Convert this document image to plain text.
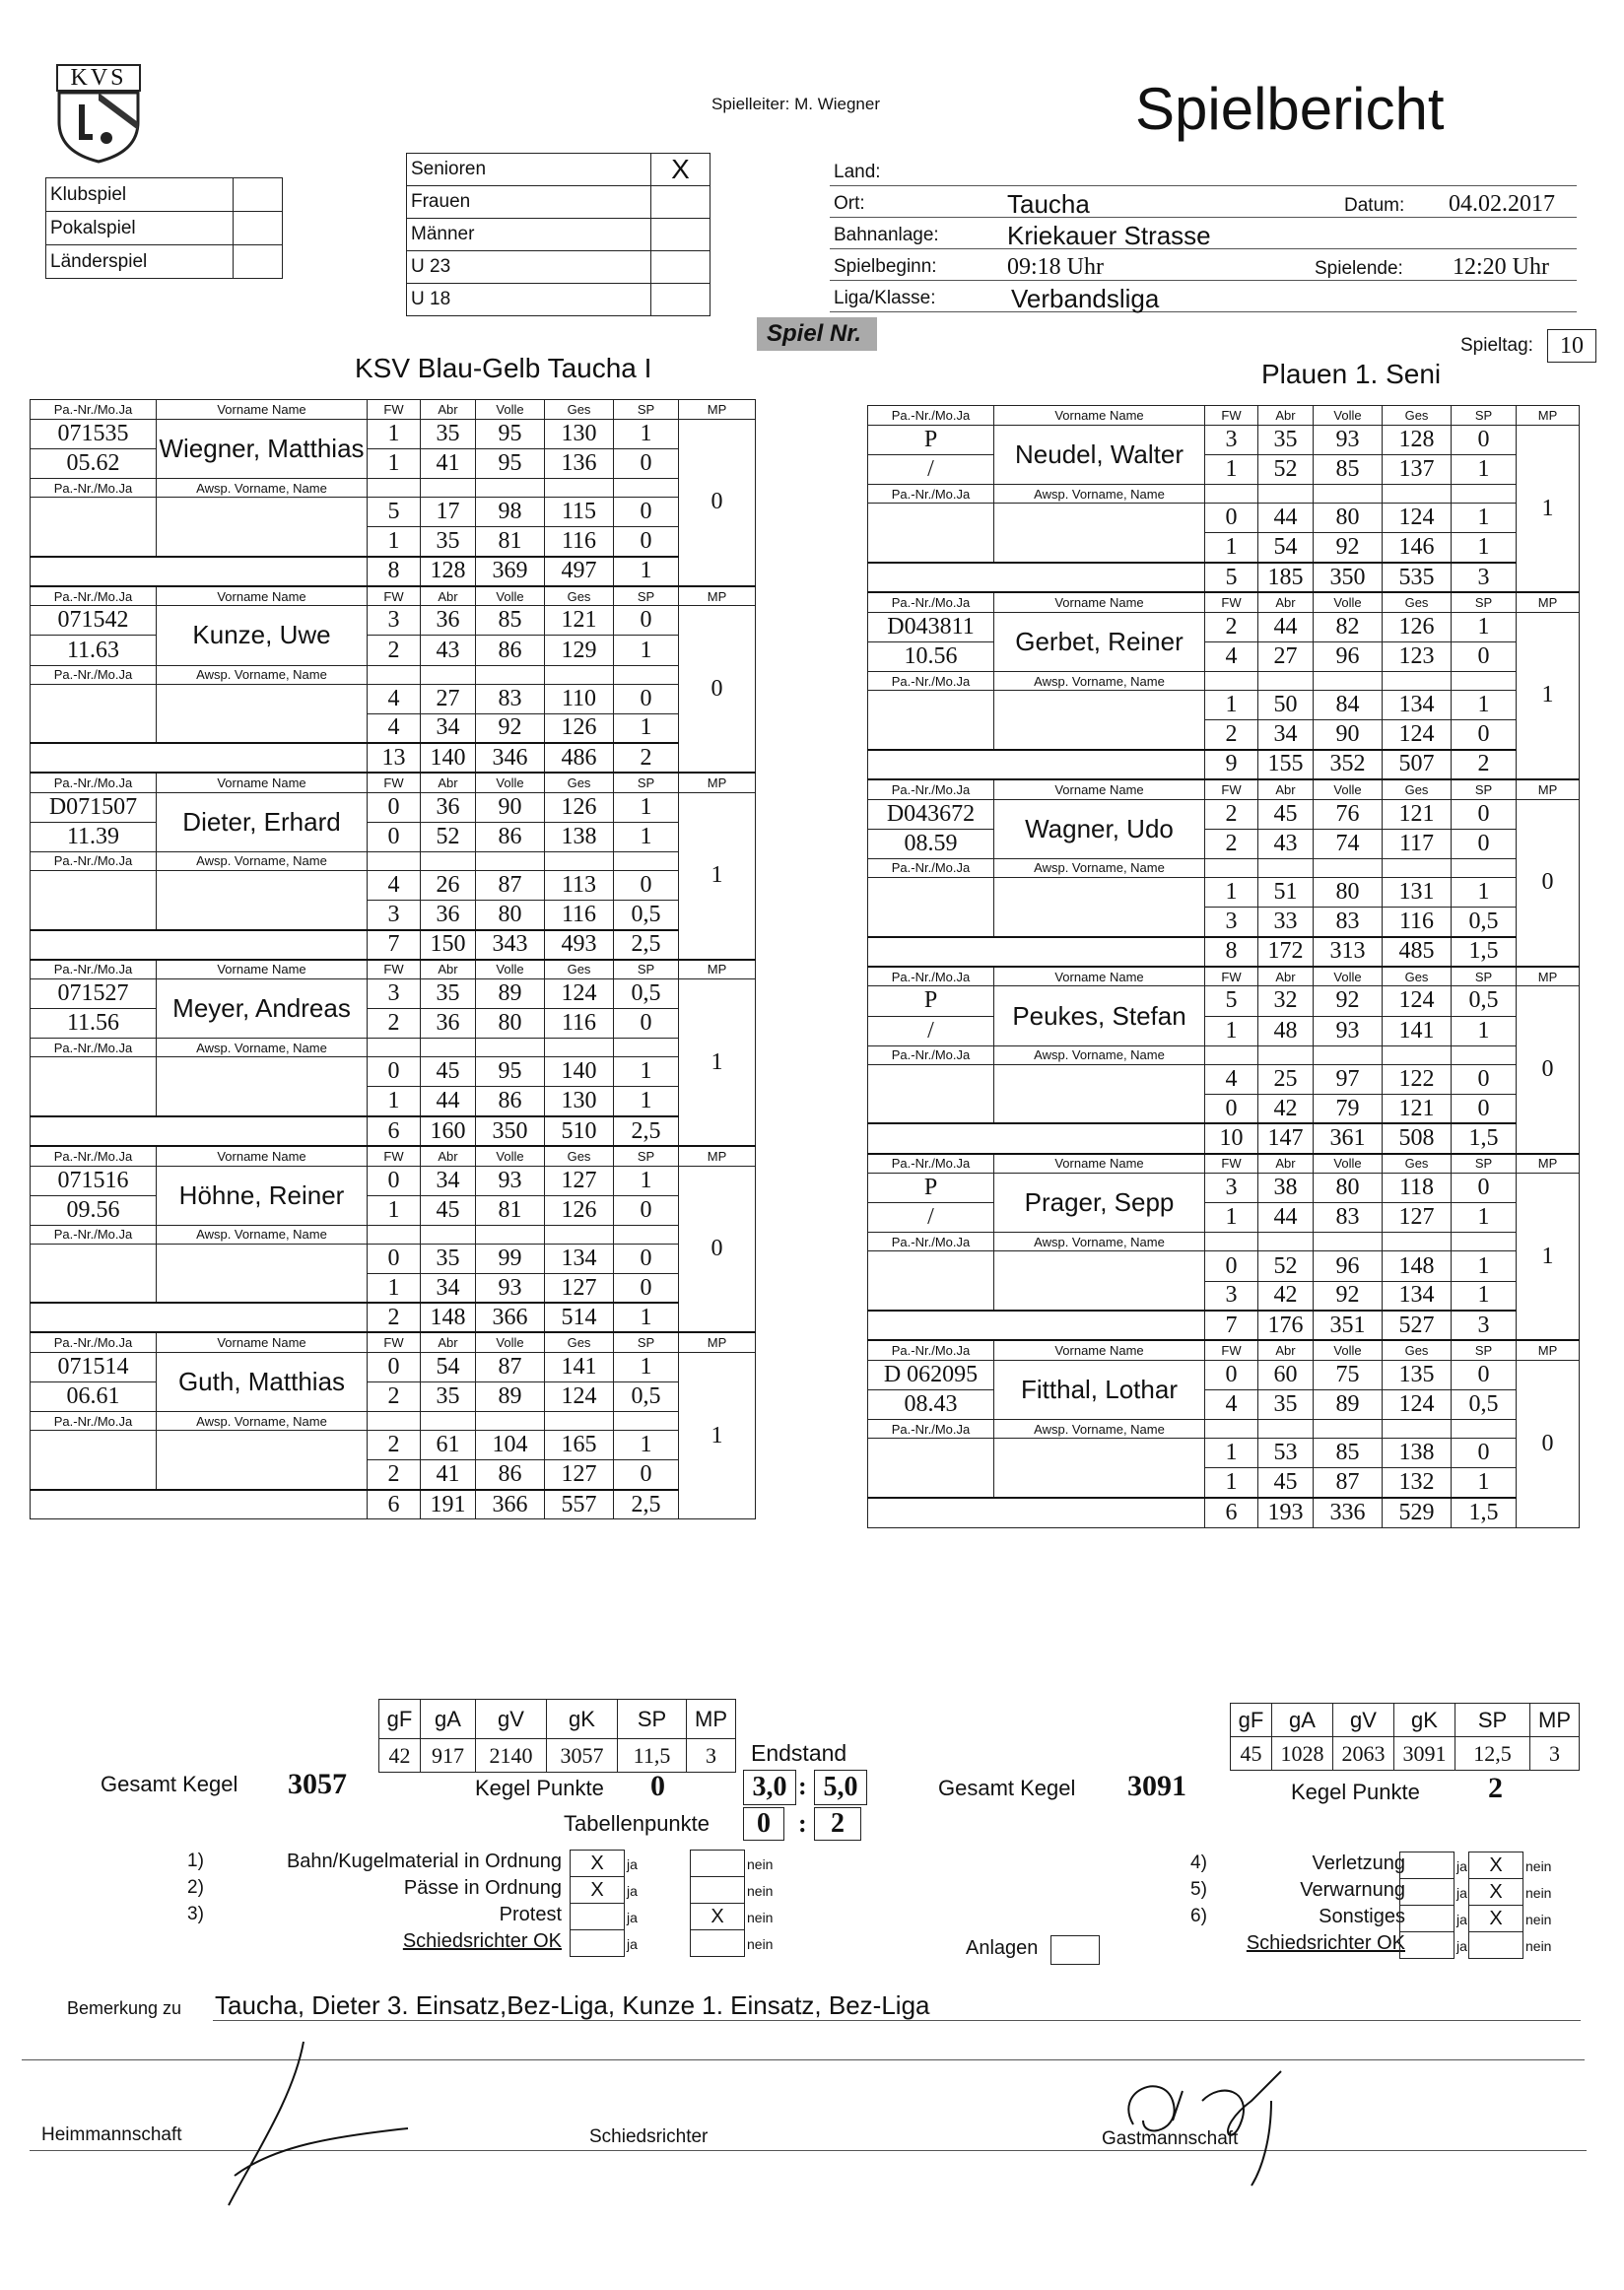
KVS
Klubspiel	
Pokalspiel	
Länderspiel	
Senioren	X
Frauen	
Männer	
U 23	
U 18	
Spielleiter: M. Wiegner	Spielbericht
Land:
Ort:	Taucha	Datum: 04.02.2017
Bahnanlage:	Kriekauer Strasse
Spielbeginn:	09:18 Uhr	Spielende: 12:20 Uhr
Liga/Klasse:	Verbandsliga
Spiel Nr.	Spieltag:	10
KSV Blau-Gelb Taucha I	Plauen 1. Seni
Pa.-Nr./Mo.Ja	Vorname Name	FW	Abr	Volle	Ges	SP	MP
071535	Wiegner, Matthias	1	35	95	130	1	0
05.62		1	41	95	136	0	
Pa.-Nr./Mo.Ja	Awsp. Vorname, Name						
		5	17	98	115	0	
		1	35	81	116	0	
		8	128	369	497	1	
Pa.-Nr./Mo.Ja	Vorname Name	FW	Abr	Volle	Ges	SP	MP
071542	Kunze, Uwe	3	36	85	121	0	0
11.63		2	43	86	129	1	
Pa.-Nr./Mo.Ja	Awsp. Vorname, Name						
		4	27	83	110	0	
		4	34	92	126	1	
		13	140	346	486	2	
Pa.-Nr./Mo.Ja	Vorname Name	FW	Abr	Volle	Ges	SP	MP
D071507	Dieter, Erhard	0	36	90	126	1	1
11.39		0	52	86	138	1	
Pa.-Nr./Mo.Ja	Awsp. Vorname, Name						
		4	26	87	113	0	
		3	36	80	116	0,5	
		7	150	343	493	2,5	
Pa.-Nr./Mo.Ja	Vorname Name	FW	Abr	Volle	Ges	SP	MP
071527	Meyer, Andreas	3	35	89	124	0,5	1
11.56		2	36	80	116	0	
Pa.-Nr./Mo.Ja	Awsp. Vorname, Name						
		0	45	95	140	1	
		1	44	86	130	1	
		6	160	350	510	2,5	
Pa.-Nr./Mo.Ja	Vorname Name	FW	Abr	Volle	Ges	SP	MP
071516	Höhne, Reiner	0	34	93	127	1	0
09.56		1	45	81	126	0	
Pa.-Nr./Mo.Ja	Awsp. Vorname, Name						
		0	35	99	134	0	
		1	34	93	127	0	
		2	148	366	514	1	
Pa.-Nr./Mo.Ja	Vorname Name	FW	Abr	Volle	Ges	SP	MP
071514	Guth, Matthias	0	54	87	141	1	1
06.61		2	35	89	124	0,5	
Pa.-Nr./Mo.Ja	Awsp. Vorname, Name						
		2	61	104	165	1	
		2	41	86	127	0	
		6	191	366	557	2,5	
Pa.-Nr./Mo.Ja	Vorname Name	FW	Abr	Volle	Ges	SP	MP
P	Neudel, Walter	3	35	93	128	0	1
/		1	52	85	137	1	
Pa.-Nr./Mo.Ja	Awsp. Vorname, Name						
		0	44	80	124	1	
		1	54	92	146	1	
		5	185	350	535	3	
Pa.-Nr./Mo.Ja	Vorname Name	FW	Abr	Volle	Ges	SP	MP
D043811	Gerbet, Reiner	2	44	82	126	1	1
10.56		4	27	96	123	0	
Pa.-Nr./Mo.Ja	Awsp. Vorname, Name						
		1	50	84	134	1	
		2	34	90	124	0	
		9	155	352	507	2	
Pa.-Nr./Mo.Ja	Vorname Name	FW	Abr	Volle	Ges	SP	MP
D043672	Wagner, Udo	2	45	76	121	0	0
08.59		2	43	74	117	0	
Pa.-Nr./Mo.Ja	Awsp. Vorname, Name						
		1	51	80	131	1	
		3	33	83	116	0,5	
		8	172	313	485	1,5	
Pa.-Nr./Mo.Ja	Vorname Name	FW	Abr	Volle	Ges	SP	MP
P	Peukes, Stefan	5	32	92	124	0,5	0
/		1	48	93	141	1	
Pa.-Nr./Mo.Ja	Awsp. Vorname, Name						
		4	25	97	122	0	
		0	42	79	121	0	
		10	147	361	508	1,5	
Pa.-Nr./Mo.Ja	Vorname Name	FW	Abr	Volle	Ges	SP	MP
P	Prager, Sepp	3	38	80	118	0	1
/		1	44	83	127	1	
Pa.-Nr./Mo.Ja	Awsp. Vorname, Name						
		0	52	96	148	1	
		3	42	92	134	1	
		7	176	351	527	3	
Pa.-Nr./Mo.Ja	Vorname Name	FW	Abr	Volle	Ges	SP	MP
D 062095	Fitthal, Lothar	0	60	75	135	0	0
08.43		4	35	89	124	0,5	
Pa.-Nr./Mo.Ja	Awsp. Vorname, Name						
		1	53	85	138	0	
		1	45	87	132	1	
		6	193	336	529	1,5	
gF	gA	gV	gK	SP	MP
42	917	2140	3057	11,5	3
gF	gA	gV	gK	SP	MP
45	1028	2063	3091	12,5	3
Endstand
Gesamt Kegel 3057	Kegel Punkte 0	3,0 : 5,0	Gesamt Kegel 3091	Kegel Punkte 2
Tabellenpunkte	0	: 2
1)	Bahn/Kugelmaterial in Ordnung	X	ja	nein
2)	Pässe in Ordnung	X	ja	nein
3)	Protest	ja	X	nein
Schiedsrichter OK	ja	nein
4)	Verletzung	ja	X	nein
5)	Verwarnung	ja	X	nein
6)	Sonstiges	ja	X	nein
Schiedsrichter OK	ja	nein
Anlagen
Bemerkung zu Taucha, Dieter 3. Einsatz,Bez-Liga, Kunze 1. Einsatz, Bez-Liga
Heimmannschaft	Schiedsrichter	Gastmannschaft
